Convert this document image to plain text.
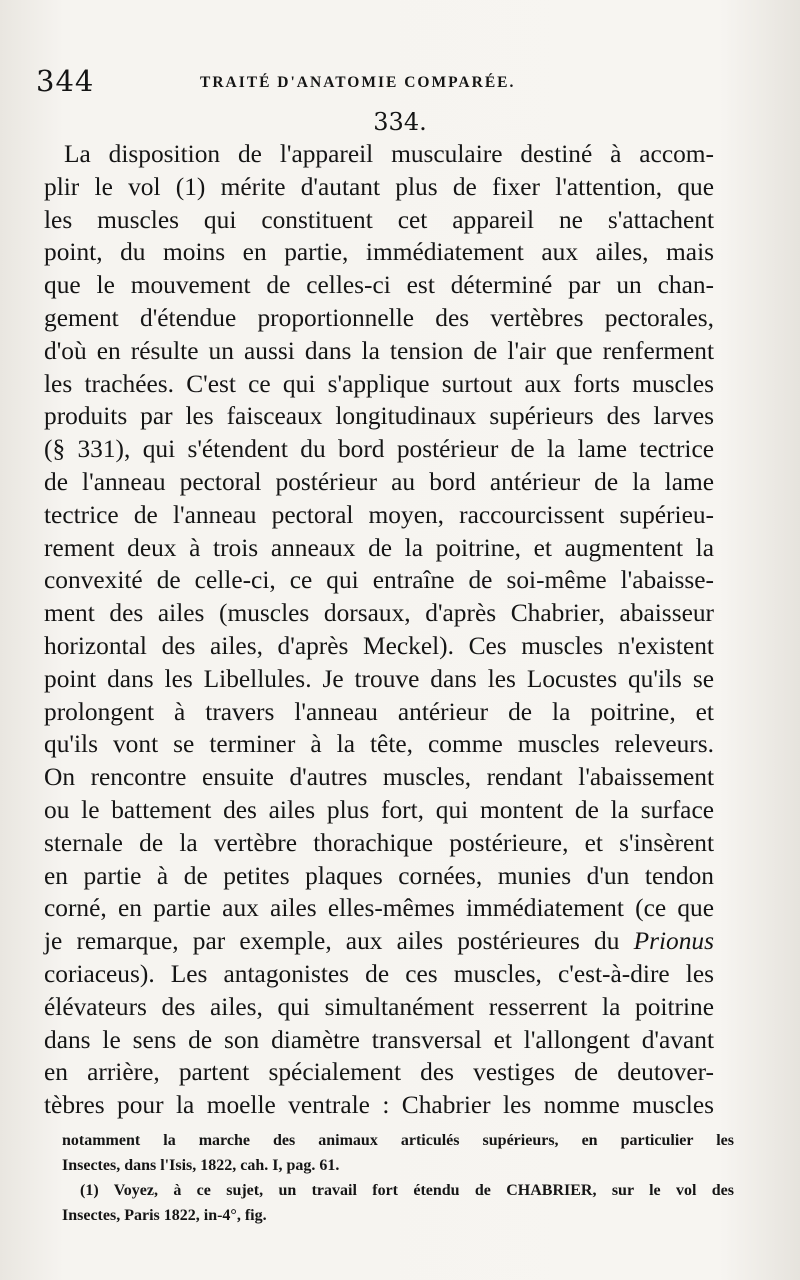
344	TRAITÉ D'ANATOMIE COMPARÉE.
334.
La disposition de l'appareil musculaire destiné à accom-
plir le vol (1) mérite d'autant plus de fixer l'attention, que
les muscles qui constituent cet appareil ne s'attachent
point, du moins en partie, immédiatement aux ailes, mais
que le mouvement de celles-ci est déterminé par un chan-
gement d'étendue proportionnelle des vertèbres pectorales,
d'où en résulte un aussi dans la tension de l'air que renferment
les trachées. C'est ce qui s'applique surtout aux forts muscles
produits par les faisceaux longitudinaux supérieurs des larves
(§ 331), qui s'étendent du bord postérieur de la lame tectrice
de l'anneau pectoral postérieur au bord antérieur de la lame
tectrice de l'anneau pectoral moyen, raccourcissent supérieu-
rement deux à trois anneaux de la poitrine, et augmentent la
convexité de celle-ci, ce qui entraîne de soi-même l'abaisse-
ment des ailes (muscles dorsaux, d'après Chabrier, abaisseur
horizontal des ailes, d'après Meckel). Ces muscles n'existent
point dans les Libellules. Je trouve dans les Locustes qu'ils se
prolongent à travers l'anneau antérieur de la poitrine, et
qu'ils vont se terminer à la tête, comme muscles releveurs.
On rencontre ensuite d'autres muscles, rendant l'abaissement
ou le battement des ailes plus fort, qui montent de la surface
sternale de la vertèbre thorachique postérieure, et s'insèrent
en partie à de petites plaques cornées, munies d'un tendon
corné, en partie aux ailes elles-mêmes immédiatement (ce que
je remarque, par exemple, aux ailes postérieures du Prionus
coriaceus). Les antagonistes de ces muscles, c'est-à-dire les
élévateurs des ailes, qui simultanément resserrent la poitrine
dans le sens de son diamètre transversal et l'allongent d'avant
en arrière, partent spécialement des vestiges de deutover-
tèbres pour la moelle ventrale : Chabrier les nomme muscles
notamment la marche des animaux articulés supérieurs, en particulier les
Insectes, dans l'Isis, 1822, cah. I, pag. 61.
(1) Voyez, à ce sujet, un travail fort étendu de CHABRIER, sur le vol des
Insectes, Paris 1822, in-4°, fig.
